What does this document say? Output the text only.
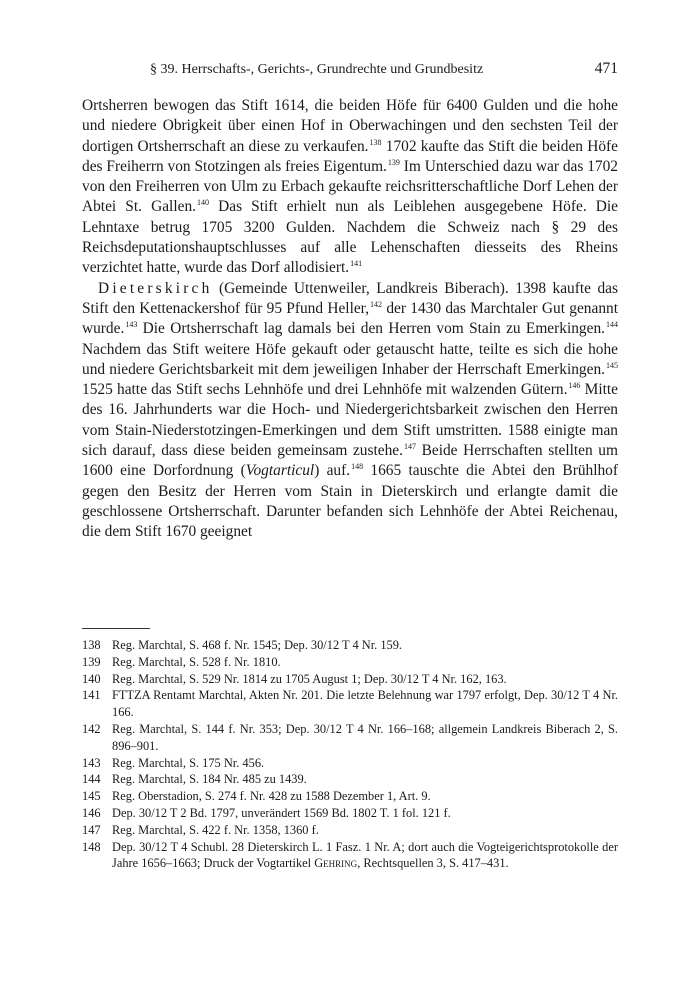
§ 39. Herrschafts-, Gerichts-, Grundrechte und Grundbesitz	471

Ortsherren bewogen das Stift 1614, die beiden Höfe für 6400 Gulden und die hohe und niedere Obrigkeit über einen Hof in Oberwachingen und den sechsten Teil der dortigen Ortsherrschaft an diese zu verkaufen.$^{138}$ 1702 kaufte das Stift die beiden Höfe des Freiherrn von Stotzingen als freies Eigentum.$^{139}$ Im Unterschied dazu war das 1702 von den Freiherren von Ulm zu Erbach gekaufte reichsritterschaftliche Dorf Lehen der Abtei St. Gallen.$^{140}$ Das Stift erhielt nun als Leiblehen ausgegebene Höfe. Die Lehntaxe betrug 1705 3200 Gulden. Nachdem die Schweiz nach § 29 des Reichsdeputationshauptschlusses auf alle Lehenschaften diesseits des Rheins verzichtet hatte, wurde das Dorf allodisiert.$^{141}$

Dieterskirch (Gemeinde Uttenweiler, Landkreis Biberach). 1398 kaufte das Stift den Kettenackershof für 95 Pfund Heller,$^{142}$ der 1430 das Marchtaler Gut genannt wurde.$^{143}$ Die Ortsherrschaft lag damals bei den Herren vom Stain zu Emerkingen.$^{144}$ Nachdem das Stift weitere Höfe gekauft oder getauscht hatte, teilte es sich die hohe und niedere Gerichtsbarkeit mit dem jeweiligen Inhaber der Herrschaft Emerkingen.$^{145}$ 1525 hatte das Stift sechs Lehnhöfe und drei Lehnhöfe mit walzenden Gütern.$^{146}$ Mitte des 16. Jahrhunderts war die Hoch- und Niedergerichtsbarkeit zwischen den Herren vom Stain-Niederstotzingen-Emerkingen und dem Stift umstritten. 1588 einigte man sich darauf, dass diese beiden gemeinsam zustehe.$^{147}$ Beide Herrschaften stellten um 1600 eine Dorfordnung (Vogtarticul) auf.$^{148}$ 1665 tauschte die Abtei den Brühlhof gegen den Besitz der Herren vom Stain in Dieterskirch und erlangte damit die geschlossene Ortsherrschaft. Darunter befanden sich Lehnhöfe der Abtei Reichenau, die dem Stift 1670 geeignet

138 Reg. Marchtal, S. 468 f. Nr. 1545; Dep. 30/12 T 4 Nr. 159.
139 Reg. Marchtal, S. 528 f. Nr. 1810.
140 Reg. Marchtal, S. 529 Nr. 1814 zu 1705 August 1; Dep. 30/12 T 4 Nr. 162, 163.
141 FTTZA Rentamt Marchtal, Akten Nr. 201. Die letzte Belehnung war 1797 erfolgt, Dep. 30/12 T 4 Nr. 166.
142 Reg. Marchtal, S. 144 f. Nr. 353; Dep. 30/12 T 4 Nr. 166–168; allgemein Landkreis Biberach 2, S. 896–901.
143 Reg. Marchtal, S. 175 Nr. 456.
144 Reg. Marchtal, S. 184 Nr. 485 zu 1439.
145 Reg. Oberstadion, S. 274 f. Nr. 428 zu 1588 Dezember 1, Art. 9.
146 Dep. 30/12 T 2 Bd. 1797, unverändert 1569 Bd. 1802 T. 1 fol. 121 f.
147 Reg. Marchtal, S. 422 f. Nr. 1358, 1360 f.
148 Dep. 30/12 T 4 Schubl. 28 Dieterskirch L. 1 Fasz. 1 Nr. A; dort auch die Vogteigerichtsprotokolle der Jahre 1656–1663; Druck der Vogtartikel Gehring, Rechtsquellen 3, S. 417–431.
